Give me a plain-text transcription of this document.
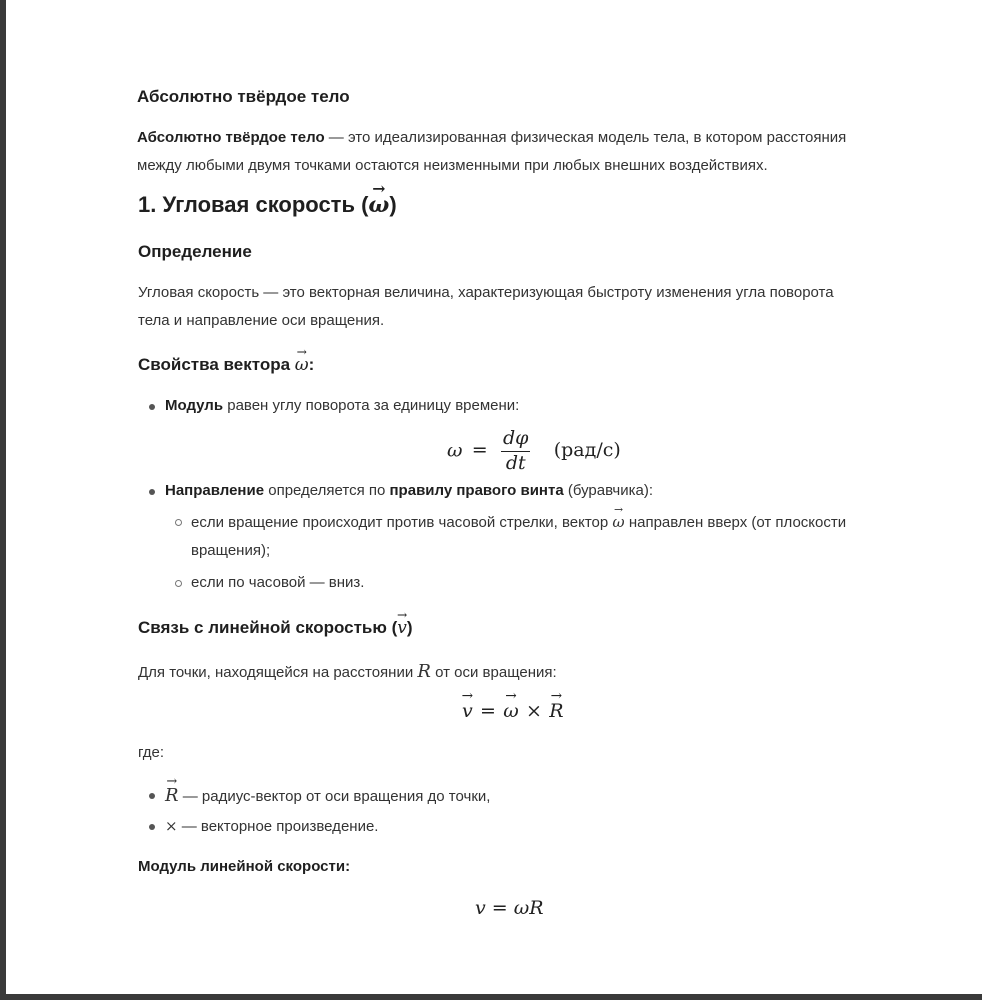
Абсолютно твёрдое тело
Абсолютно твёрдое тело — это идеализированная физическая модель тела, в котором расстояния
между любыми двумя точками остаются неизменными при любых внешних воздействиях.
1. Угловая скорость (→ ω)
Определение
Угловая скорость — это векторная величина, характеризующая быстроту изменения угла поворота
тела и направление оси вращения.
Свойства вектора → ω:
Модуль равен углу поворота за единицу времени:
$\omega = \frac{d\varphi}{dt} (рад/с)$
Направление определяется по правилу правого винта (буравчика):
если вращение происходит против часовой стрелки, вектор → ω направлен вверх (от плоскости
вращения);
если по часовой — вниз.
Связь с линейной скоростью (→ v)
Для точки, находящейся на расстоянии R от оси вращения:
→ v = → ω × → R
где:
→ R — радиус-вектор от оси вращения до точки,
× — векторное произведение.
Модуль линейной скорости:
v = ωR
